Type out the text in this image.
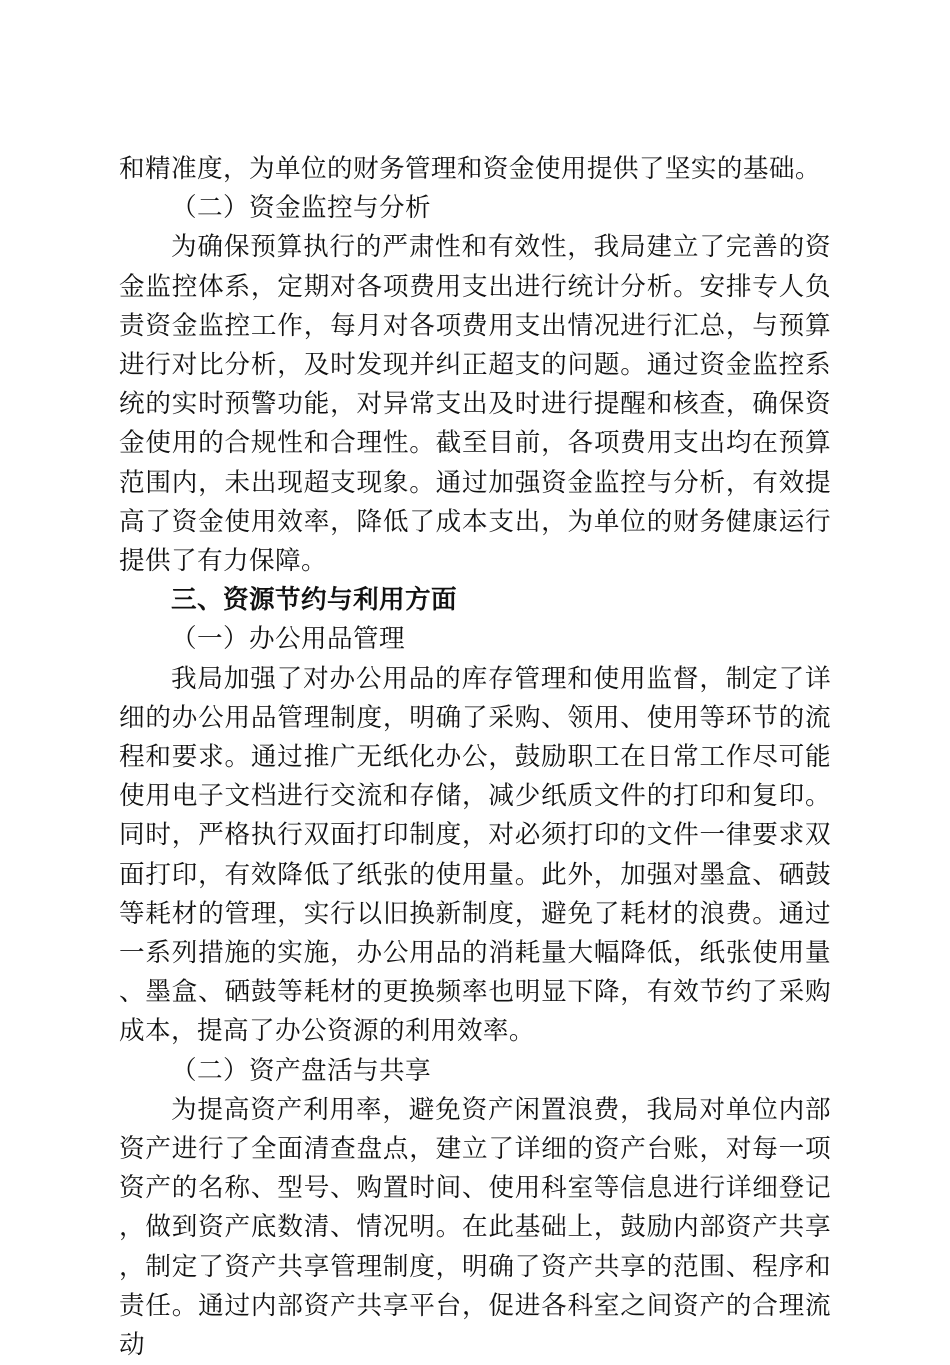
和精准度，为单位的财务管理和资金使用提供了坚实的基础。

（二）资金监控与分析

为确保预算执行的严肃性和有效性，我局建立了完善的资金监控体系，定期对各项费用支出进行统计分析。安排专人负责资金监控工作，每月对各项费用支出情况进行汇总，与预算进行对比分析，及时发现并纠正超支的问题。通过资金监控系统的实时预警功能，对异常支出及时进行提醒和核查，确保资金使用的合规性和合理性。截至目前，各项费用支出均在预算范围内，未出现超支现象。通过加强资金监控与分析，有效提高了资金使用效率，降低了成本支出，为单位的财务健康运行提供了有力保障。

三、资源节约与利用方面

（一）办公用品管理

我局加强了对办公用品的库存管理和使用监督，制定了详细的办公用品管理制度，明确了采购、领用、使用等环节的流程和要求。通过推广无纸化办公，鼓励职工在日常工作尽可能使用电子文档进行交流和存储，减少纸质文件的打印和复印。同时，严格执行双面打印制度，对必须打印的文件一律要求双面打印，有效降低了纸张的使用量。此外，加强对墨盒、硒鼓等耗材的管理，实行以旧换新制度，避免了耗材的浪费。通过一系列措施的实施，办公用品的消耗量大幅降低，纸张使用量、墨盒、硒鼓等耗材的更换频率也明显下降，有效节约了采购成本，提高了办公资源的利用效率。

（二）资产盘活与共享

为提高资产利用率，避免资产闲置浪费，我局对单位内部资产进行了全面清查盘点，建立了详细的资产台账，对每一项资产的名称、型号、购置时间、使用科室等信息进行详细登记，做到资产底数清、情况明。在此基础上，鼓励内部资产共享，制定了资产共享管理制度，明确了资产共享的范围、程序和责任。通过内部资产共享平台，促进各科室之间资产的合理流动
